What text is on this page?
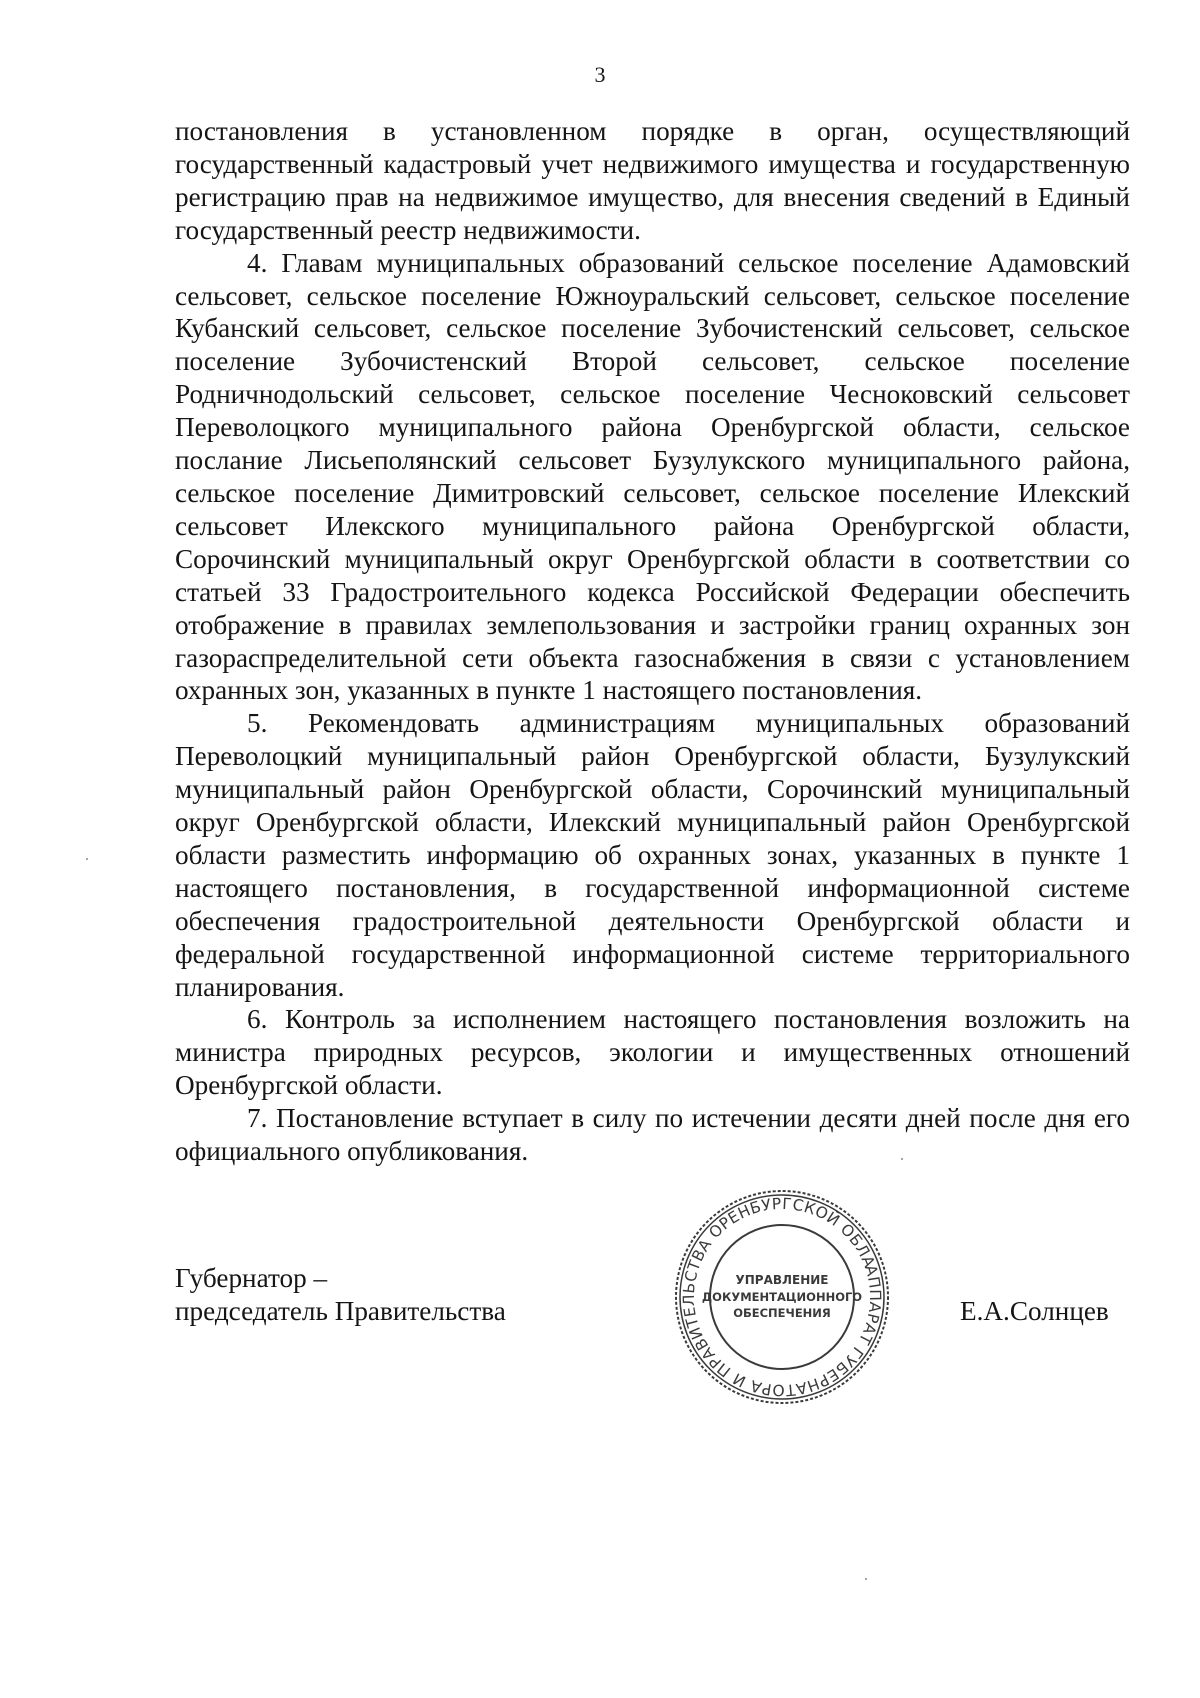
3

постановления в установленном порядке в орган, осуществляющий государственный кадастровый учет недвижимого имущества и государственную регистрацию прав на недвижимое имущество, для внесения сведений в Единый государственный реестр недвижимости.

4. Главам муниципальных образований сельское поселение Адамовский сельсовет, сельское поселение Южноуральский сельсовет, сельское поселение Кубанский сельсовет, сельское поселение Зубочистенский сельсовет, сельское поселение Зубочистенский Второй сельсовет, сельское поселение Родничнодольский сельсовет, сельское поселение Чесноковский сельсовет Переволоцкого муниципального района Оренбургской области, сельское послание Лисьеполянский сельсовет Бузулукского муниципального района, сельское поселение Димитровский сельсовет, сельское поселение Илекский сельсовет Илекского муниципального района Оренбургской области, Сорочинский муниципальный округ Оренбургской области в соответствии со статьей 33 Градостроительного кодекса Российской Федерации обеспечить отображение в правилах землепользования и застройки границ охранных зон газораспределительной сети объекта газоснабжения в связи с установлением охранных зон, указанных в пункте 1 настоящего постановления.

5. Рекомендовать администрациям муниципальных образований Переволоцкий муниципальный район Оренбургской области, Бузулукский муниципальный район Оренбургской области, Сорочинский муниципальный округ Оренбургской области, Илекский муниципальный район Оренбургской области разместить информацию об охранных зонах, указанных в пункте 1 настоящего постановления, в государственной информационной системе обеспечения градостроительной деятельности Оренбургской области и федеральной государственной информационной системе территориального планирования.

6. Контроль за исполнением настоящего постановления возложить на министра природных ресурсов, экологии и имущественных отношений Оренбургской области.

7. Постановление вступает в силу по истечении десяти дней после дня его официального опубликования.

Губернатор –
председатель Правительства	Е.А.Солнцев
АППАРАТ ГУБЕРНАТОРА И ПРАВИТЕЛЬСТВА ОРЕНБУРГСКОЙ ОБЛАСТИ
УПРАВЛЕНИЕ
ДОКУМЕНТАЦИОННОГО
ОБЕСПЕЧЕНИЯ
